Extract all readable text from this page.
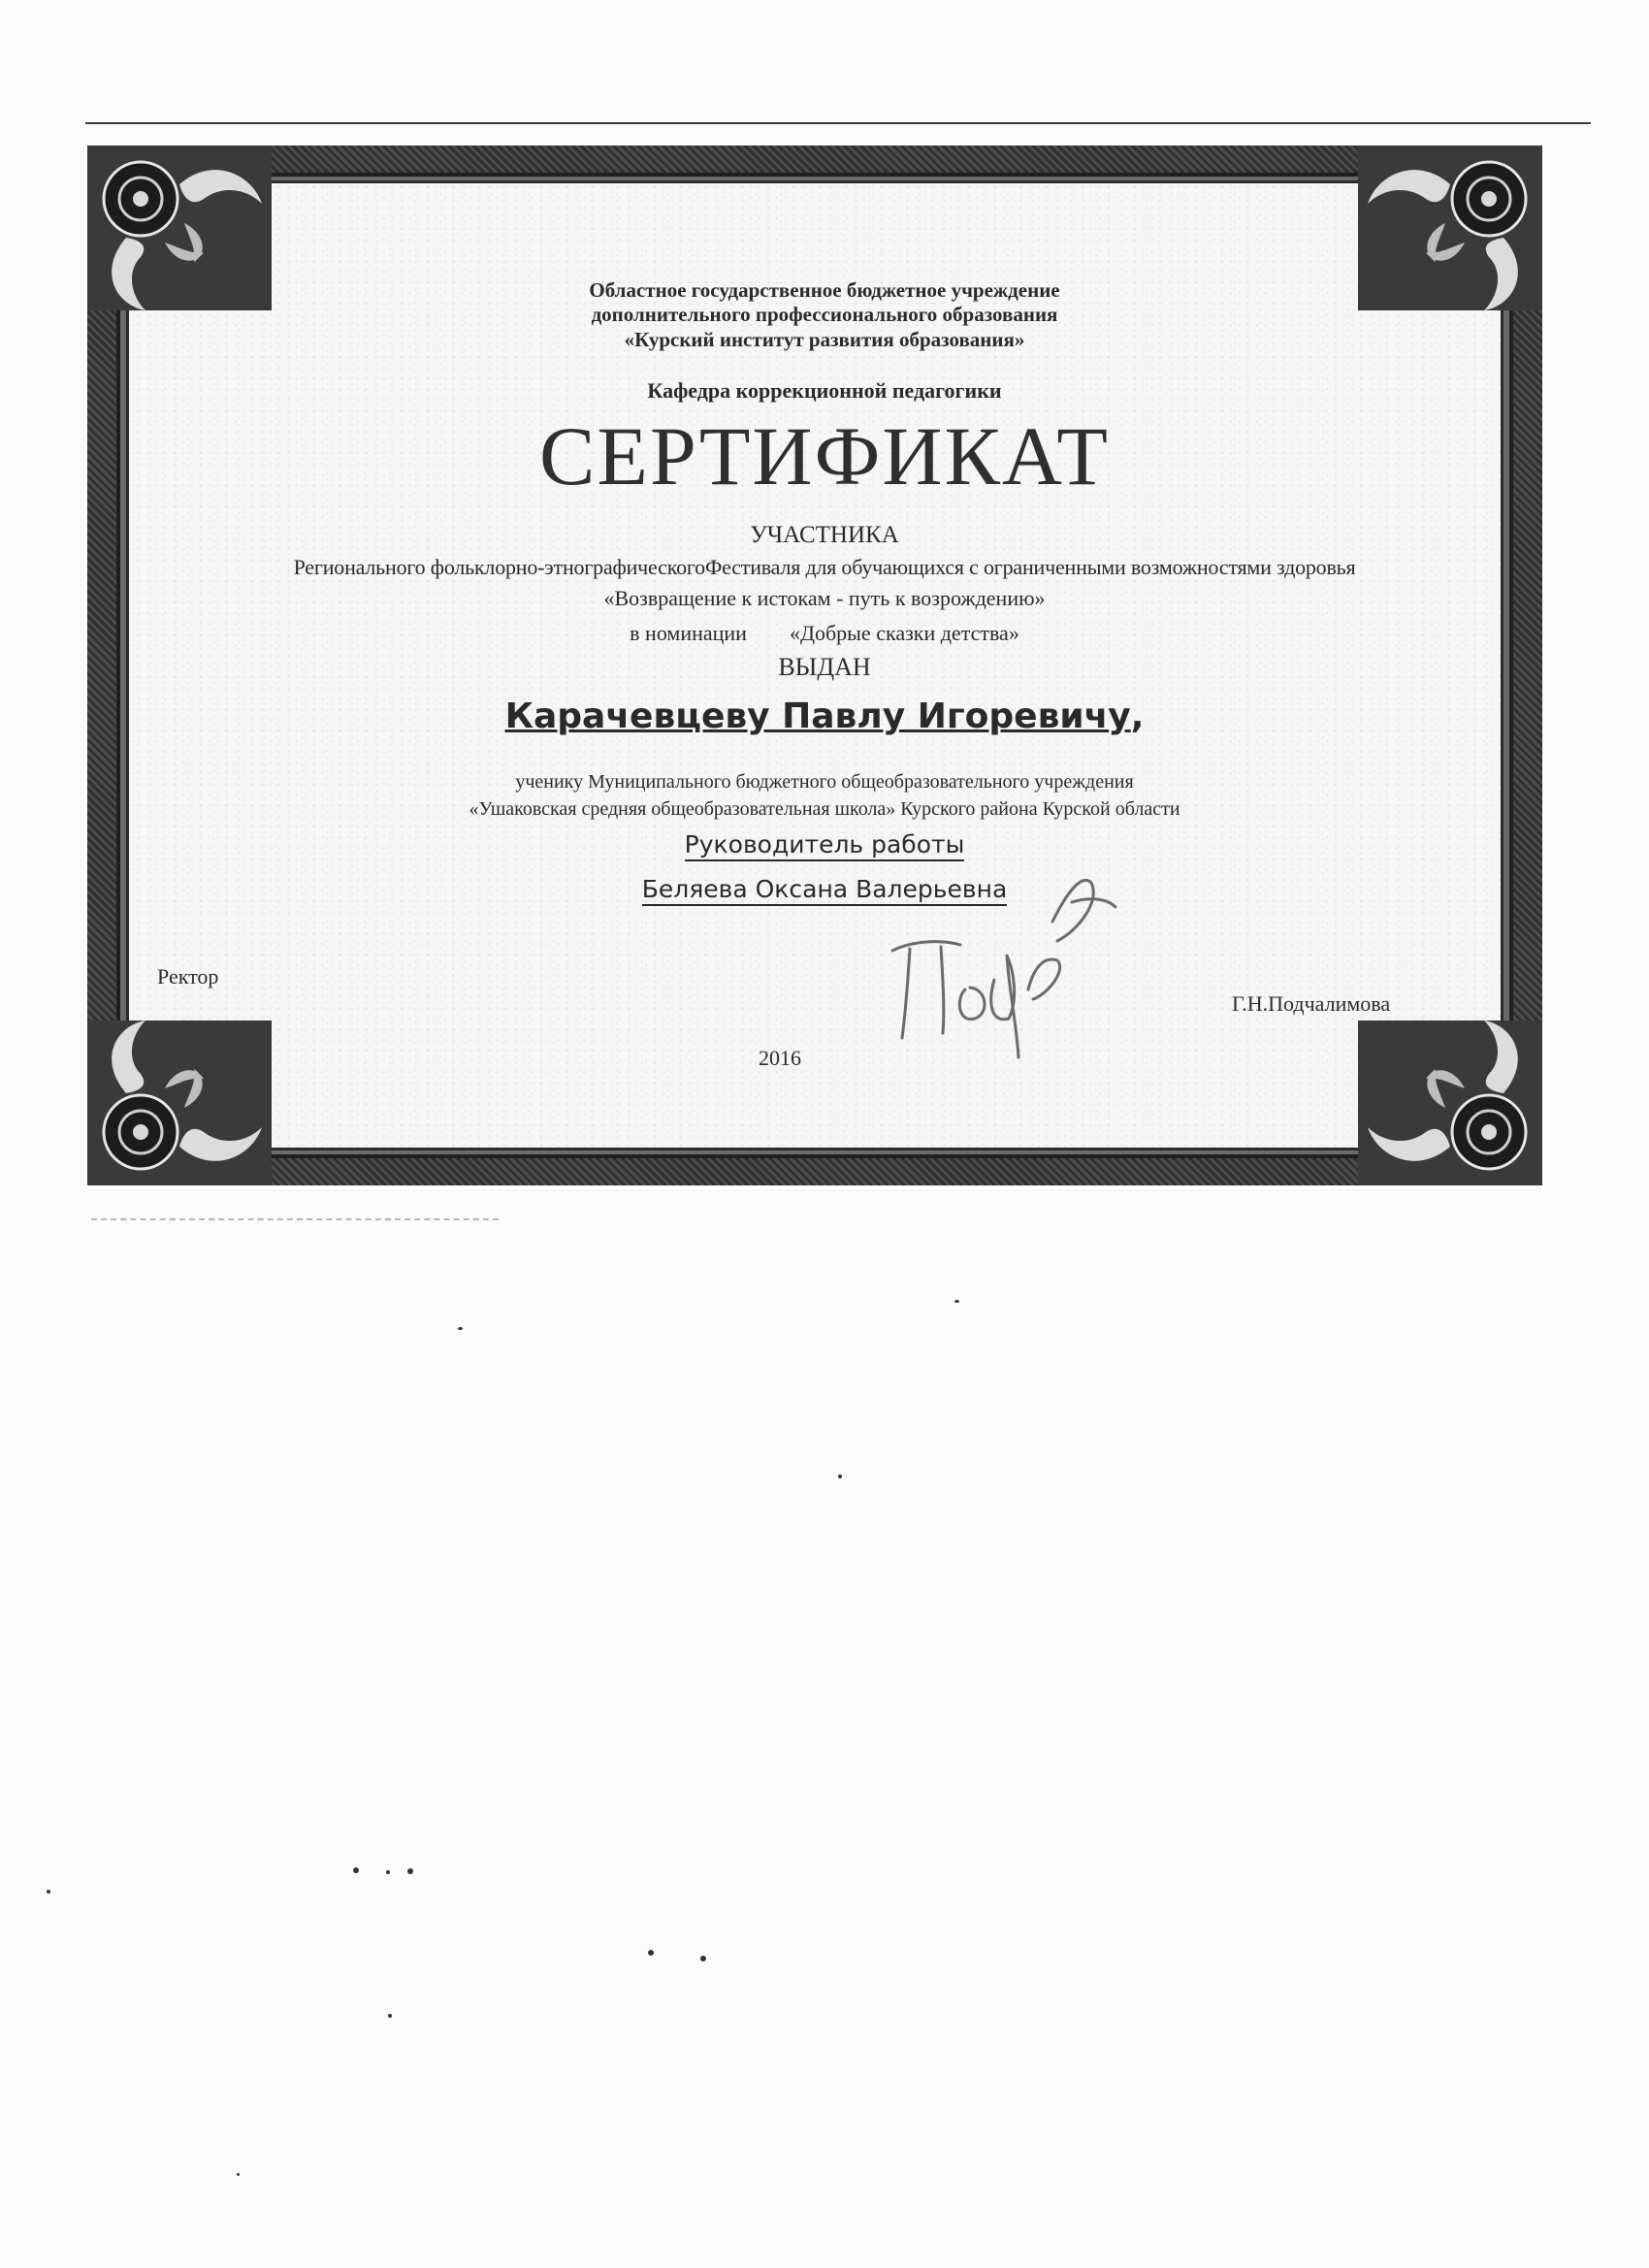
Областное государственное бюджетное учреждение
дополнительного профессионального образования
«Курский институт развития образования»
Кафедра коррекционной педагогики
СЕРТИФИКАТ
УЧАСТНИКА
Регионального фольклорно-этнографическогоФестиваля для обучающихся с ограниченными возможностями здоровья
«Возвращение к истокам - путь к возрождению»
в номинации «Добрые сказки детства»
ВЫДАН
Карачевцеву Павлу Игоревичу,
ученику Муниципального бюджетного общеобразовательного учреждения
«Ушаковская средняя общеобразовательная школа» Курского района Курской области
Руководитель работы
Беляева Оксана Валерьевна
Ректор
Г.Н.Подчалимова
2016
